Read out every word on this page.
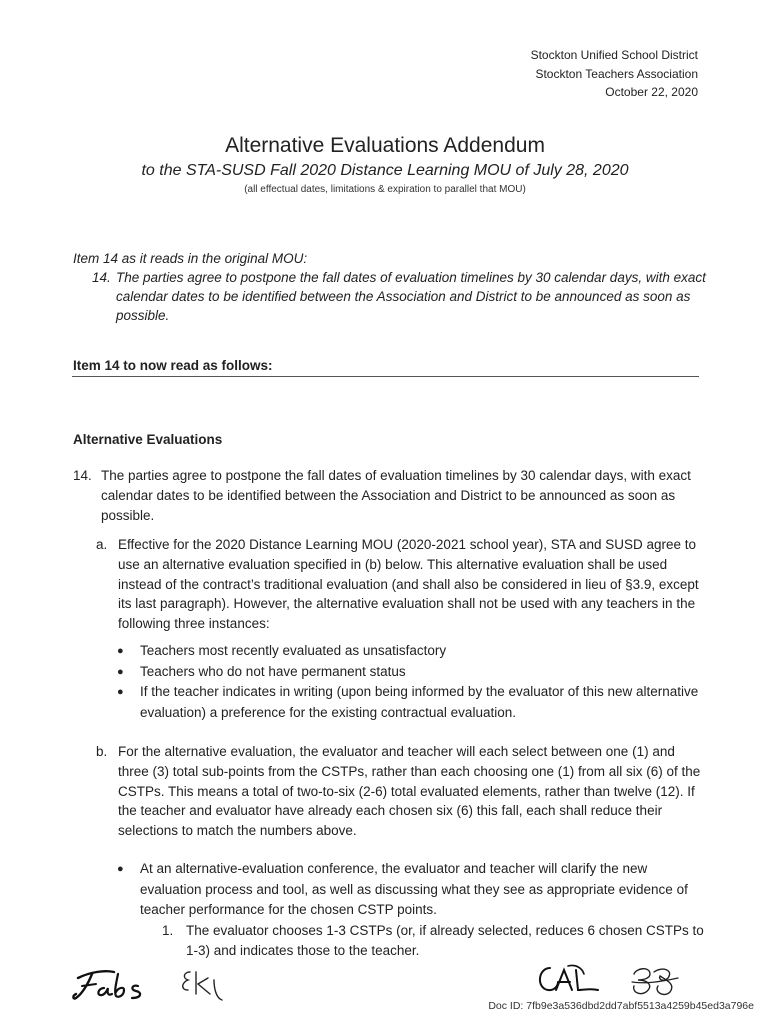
Stockton Unified School District
Stockton Teachers Association
October 22, 2020
Alternative Evaluations Addendum
to the STA-SUSD Fall 2020 Distance Learning MOU of July 28, 2020
(all effectual dates, limitations & expiration to parallel that MOU)
Item 14 as it reads in the original MOU:
14. The parties agree to postpone the fall dates of evaluation timelines by 30 calendar days, with exact calendar dates to be identified between the Association and District to be announced as soon as possible.
Item 14 to now read as follows:
Alternative Evaluations
14. The parties agree to postpone the fall dates of evaluation timelines by 30 calendar days, with exact calendar dates to be identified between the Association and District to be announced as soon as possible.
a. Effective for the 2020 Distance Learning MOU (2020-2021 school year), STA and SUSD agree to use an alternative evaluation specified in (b) below. This alternative evaluation shall be used instead of the contract’s traditional evaluation (and shall also be considered in lieu of §3.9, except its last paragraph). However, the alternative evaluation shall not be used with any teachers in the following three instances:
● Teachers most recently evaluated as unsatisfactory
● Teachers who do not have permanent status
● If the teacher indicates in writing (upon being informed by the evaluator of this new alternative evaluation) a preference for the existing contractual evaluation.
b. For the alternative evaluation, the evaluator and teacher will each select between one (1) and three (3) total sub-points from the CSTPs, rather than each choosing one (1) from all six (6) of the CSTPs. This means a total of two-to-six (2-6) total evaluated elements, rather than twelve (12). If the teacher and evaluator have already each chosen six (6) this fall, each shall reduce their selections to match the numbers above.
● At an alternative-evaluation conference, the evaluator and teacher will clarify the new evaluation process and tool, as well as discussing what they see as appropriate evidence of teacher performance for the chosen CSTP points.
1. The evaluator chooses 1-3 CSTPs (or, if already selected, reduces 6 chosen CSTPs to 1-3) and indicates those to the teacher.
Doc ID: 7fb9e3a536dbd2dd7abf5513a4259b45ed3a796e
